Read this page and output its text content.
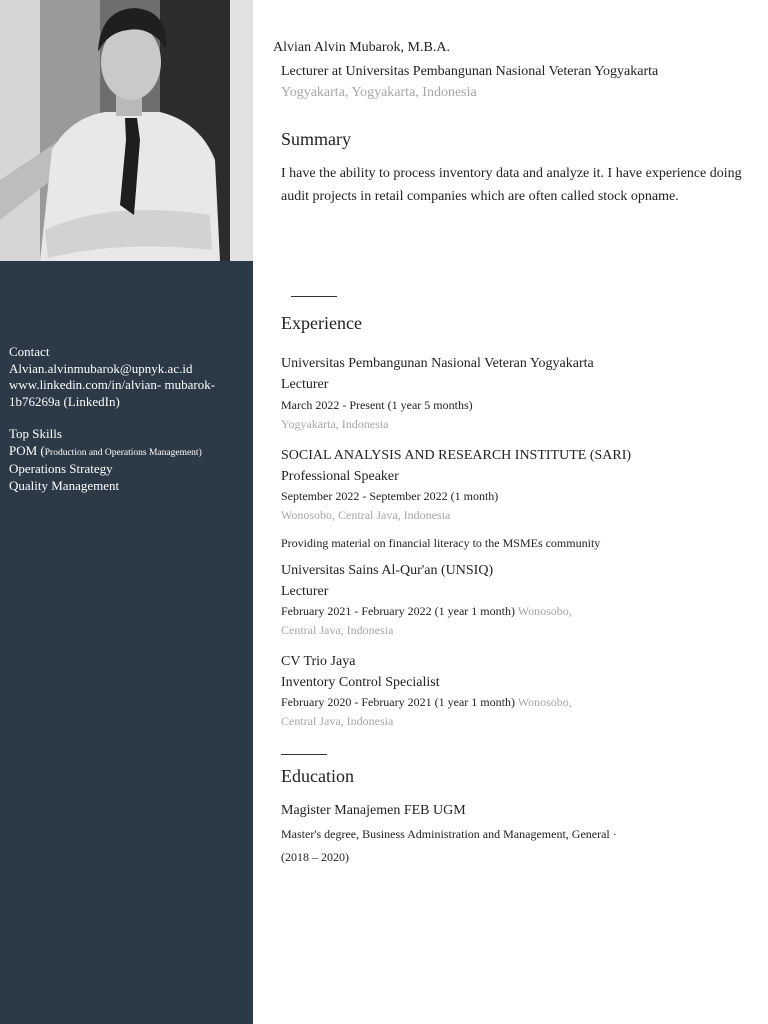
Contact
Alvian.alvinmubarok@upnyk.ac.id
www.linkedin.com/in/alvian- mubarok-
1b76269a (LinkedIn)
Top Skills
POM (Production and Operations Management)
Operations Strategy
Quality Management
Alvian Alvin Mubarok, M.B.A.
Lecturer at Universitas Pembangunan Nasional Veteran Yogyakarta
Yogyakarta, Yogyakarta, Indonesia
Summary
I have the ability to process inventory data and analyze it. I have experience doing audit projects in retail companies which are often called stock opname.
Experience
Universitas Pembangunan Nasional Veteran Yogyakarta
Lecturer
March 2022 - Present (1 year 5 months)
Yogyakarta, Indonesia
SOCIAL ANALYSIS AND RESEARCH INSTITUTE (SARI)
Professional Speaker
September 2022 - September 2022 (1 month)
Wonosobo, Central Java, Indonesia
Providing material on financial literacy to the MSMEs community
Universitas Sains Al-Qur'an (UNSIQ)
Lecturer
February 2021 - February 2022 (1 year 1 month) Wonosobo,
Central Java, Indonesia
CV Trio Jaya
Inventory Control Specialist
February 2020 - February 2021 (1 year 1 month) Wonosobo,
Central Java, Indonesia
Education
Magister Manajemen FEB UGM
Master's degree, Business Administration and Management, General ·
(2018 – 2020)
